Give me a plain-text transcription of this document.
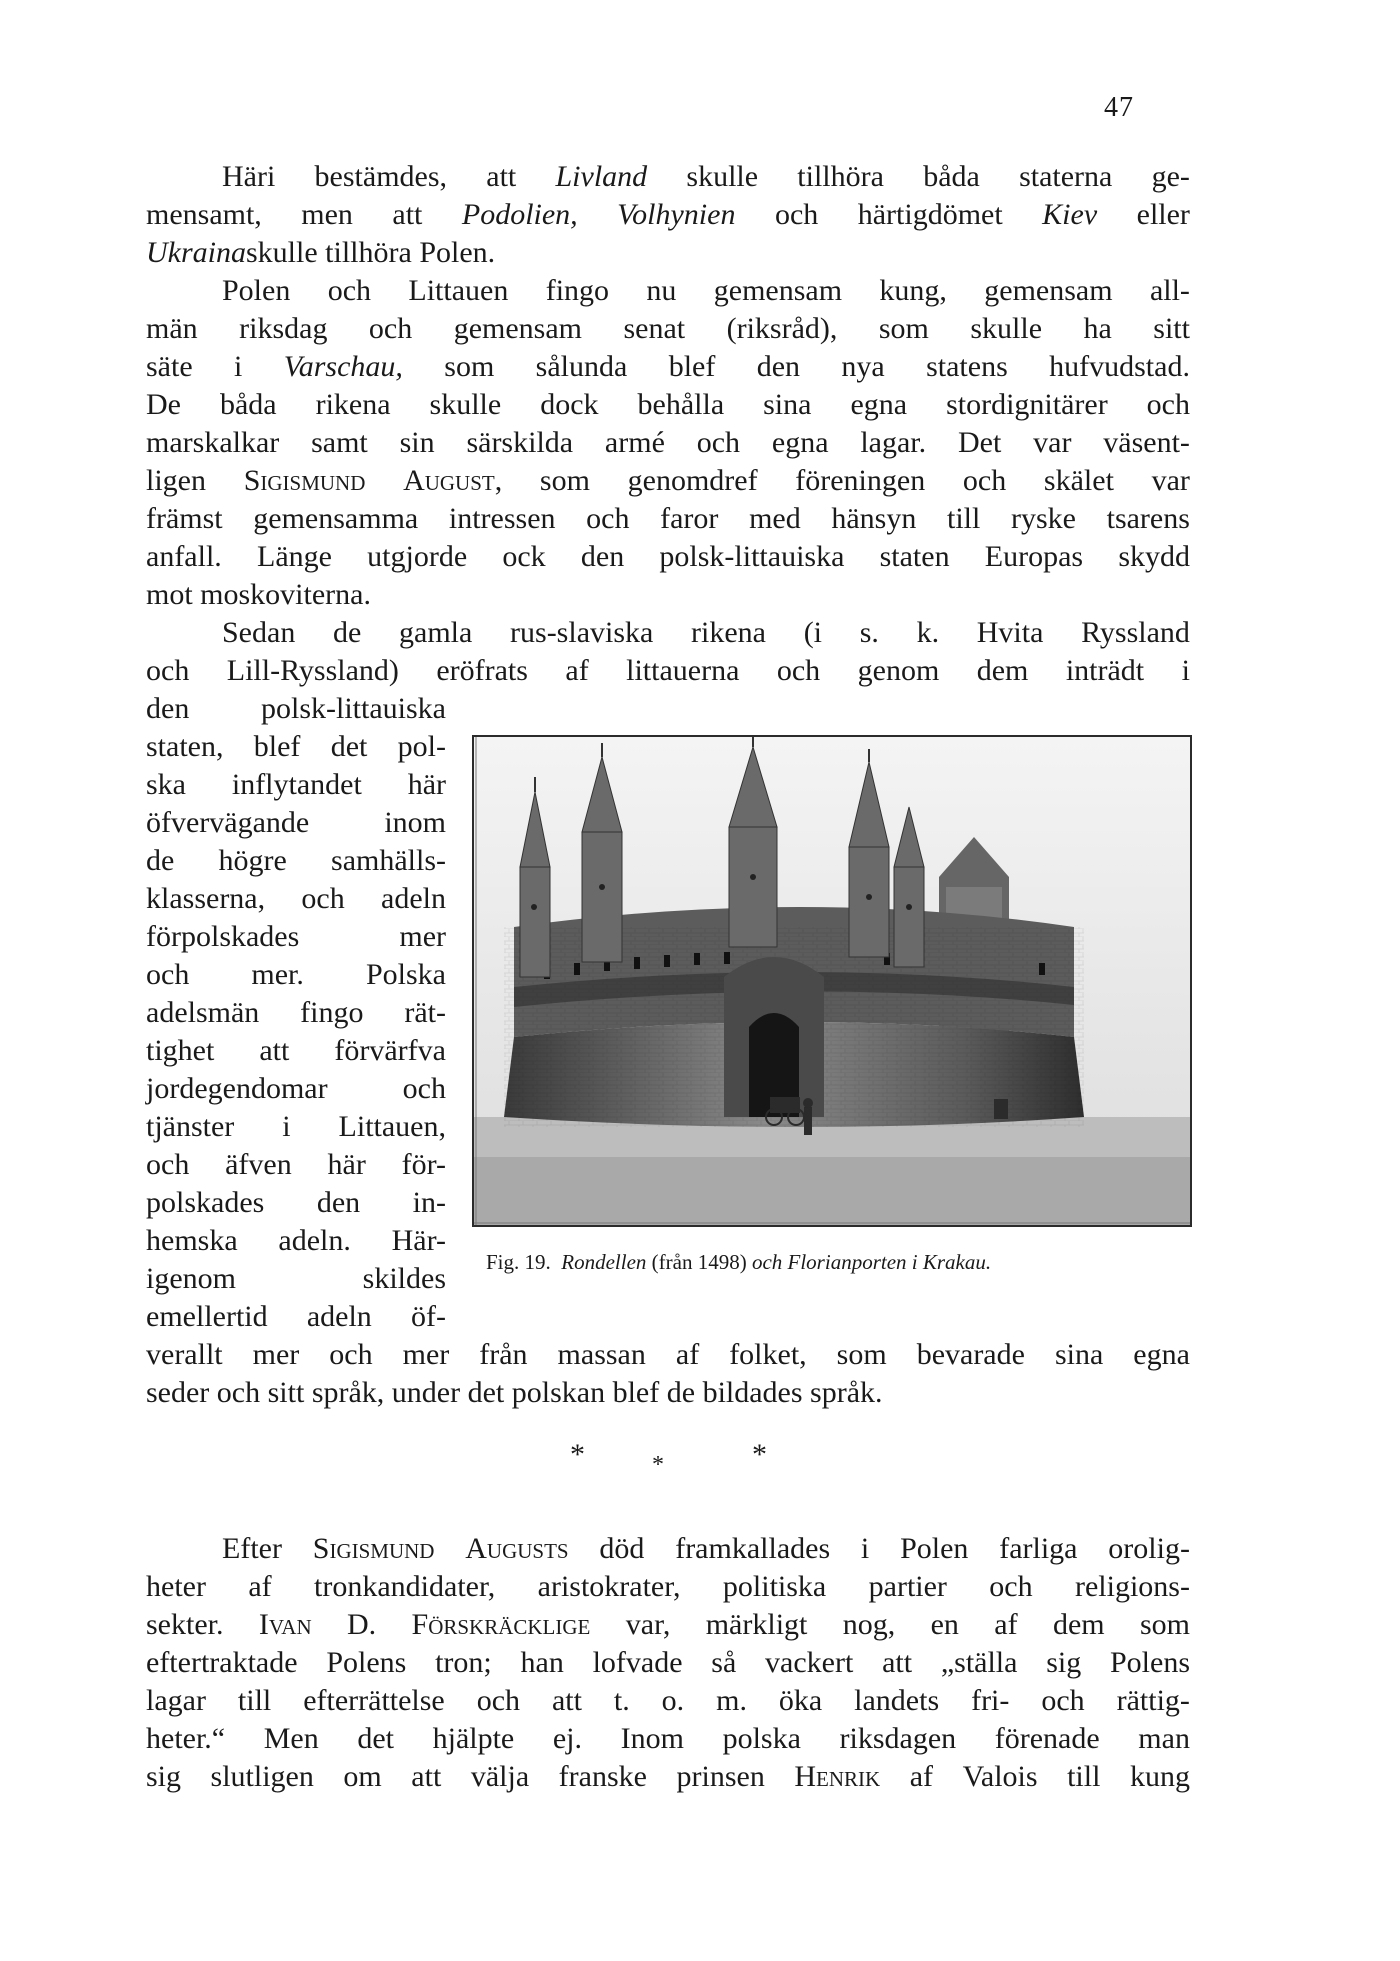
47
Häri bestämdes, att Livland skulle tillhöra båda staterna ge-
mensamt, men att Podolien, Volhynien och härtigdömet Kiev eller
Ukraina skulle tillhöra Polen.
Polen och Littauen fingo nu gemensam kung, gemensam all-
män riksdag och gemensam senat (riksråd), som skulle ha sitt
säte i Varschau, som sålunda blef den nya statens hufvudstad.
De båda rikena skulle dock behålla sina egna stordignitärer och
marskalkar samt sin särskilda armé och egna lagar. Det var väsent-
ligen Sigismund August, som genomdref föreningen och skälet var
främst gemensamma intressen och faror med hänsyn till ryske tsarens
anfall. Länge utgjorde ock den polsk-littauiska staten Europas skydd
mot moskoviterna.
Sedan de gamla rus-slaviska rikena (i s. k. Hvita Ryssland
och Lill-Ryssland) eröfrats af littauerna och genom dem inträdt i
den polsk-littauiska
staten, blef det pol-
ska inflytandet här
öfvervägande	inom
de högre samhälls-
klasserna, och adeln
förpolskades	mer
och mer. Polska
adelsmän fingo rät-
tighet att förvärfva
jordegendomar	och
tjänster i Littauen,
och äfven här för-
polskades den in-
hemska adeln. Här-
igenom	skildes
emellertid adeln öf-
verallt mer och mer från massan af folket, som bevarade sina egna
seder och sitt språk, under det polskan blef de bildades språk.
Fig. 19. Rondellen (från 1498) och Florianporten i Krakau.
*	*	*
Efter Sigismund Augusts död framkallades i Polen farliga orolig-
heter af tronkandidater, aristokrater, politiska partier och religions-
sekter. Ivan D. Förskräcklige var, märkligt nog, en af dem som
eftertraktade Polens tron; han lofvade så vackert att „ställa sig Polens
lagar till efterrättelse och att t. o. m. öka landets fri- och rättig-
heter.“ Men det hjälpte ej. Inom polska riksdagen förenade man
sig slutligen om att välja franske prinsen Henrik af Valois till kung
